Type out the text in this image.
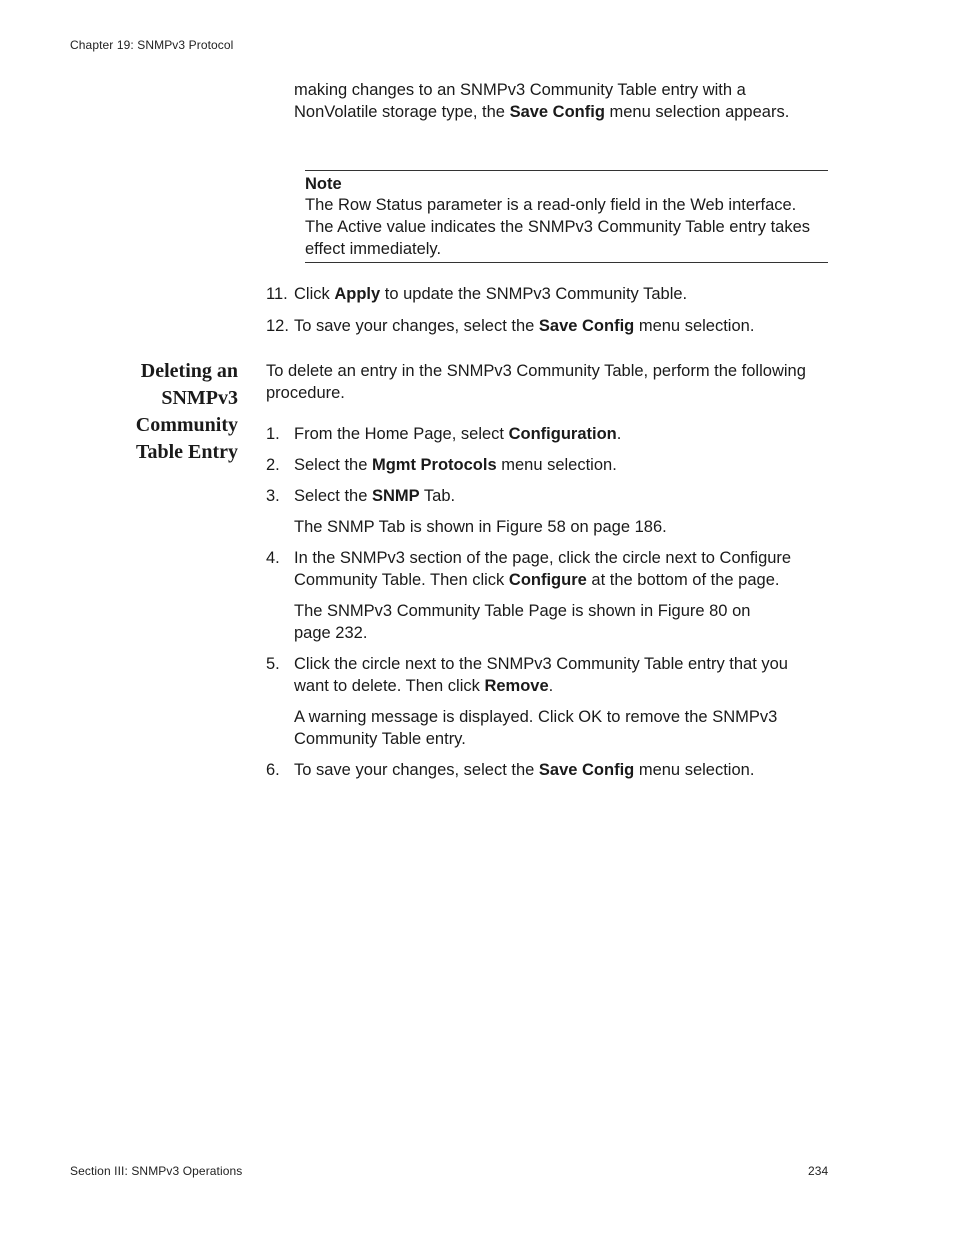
Chapter 19: SNMPv3 Protocol
making changes to an SNMPv3 Community Table entry with a NonVolatile storage type, the Save Config menu selection appears.
Note
The Row Status parameter is a read-only field in the Web interface. The Active value indicates the SNMPv3 Community Table entry takes effect immediately.
11. Click Apply to update the SNMPv3 Community Table.
12. To save your changes, select the Save Config menu selection.
Deleting an
SNMPv3
Community
Table Entry
To delete an entry in the SNMPv3 Community Table, perform the following procedure.
1. From the Home Page, select Configuration.
2. Select the Mgmt Protocols menu selection.
3. Select the SNMP Tab.
The SNMP Tab is shown in Figure 58 on page 186.
4. In the SNMPv3 section of the page, click the circle next to Configure Community Table. Then click Configure at the bottom of the page.
The SNMPv3 Community Table Page is shown in Figure 80 on
page 232.
5. Click the circle next to the SNMPv3 Community Table entry that you want to delete. Then click Remove.
A warning message is displayed. Click OK to remove the SNMPv3 Community Table entry.
6. To save your changes, select the Save Config menu selection.
Section III: SNMPv3 Operations	234
